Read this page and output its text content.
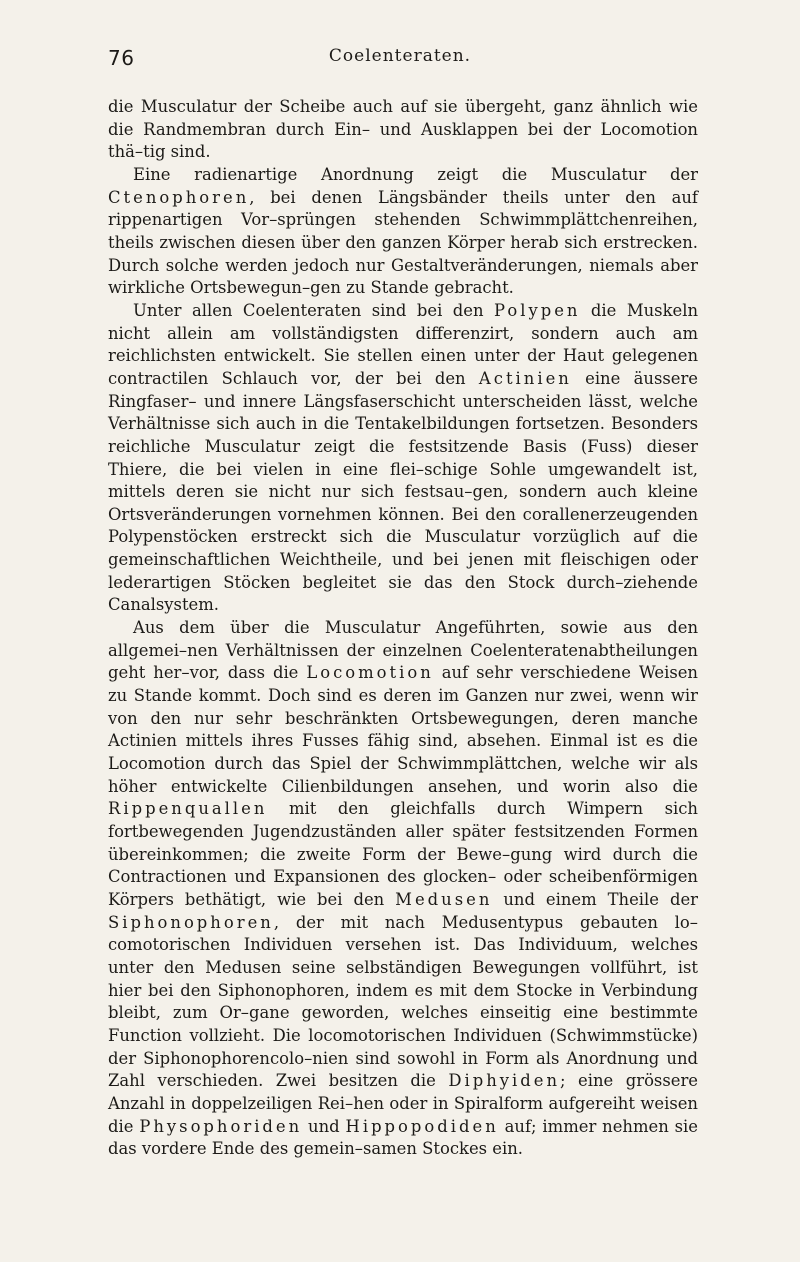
76	Coelenteraten.

die Musculatur der Scheibe auch auf sie übergeht, ganz ähnlich wie die Randmembran durch Ein– und Ausklappen bei der Locomotion thä–tig sind.

Eine radienartige Anordnung zeigt die Musculatur der Ctenophoren, bei denen Längsbänder theils unter den auf rippenartigen Vor–sprüngen stehenden Schwimmplättchenreihen, theils zwischen diesen über den ganzen Körper herab sich erstrecken. Durch solche werden jedoch nur Gestaltveränderungen, niemals aber wirkliche Ortsbewegun–gen zu Stande gebracht.

Unter allen Coelenteraten sind bei den Polypen die Muskeln nicht allein am vollständigsten differenzirt, sondern auch am reichlichsten entwickelt. Sie stellen einen unter der Haut gelegenen contractilen Schlauch vor, der bei den Actinien eine äussere Ringfaser– und innere Längsfaserschicht unterscheiden lässt, welche Verhältnisse sich auch in die Tentakelbildungen fortsetzen. Besonders reichliche Musculatur zeigt die festsitzende Basis (Fuss) dieser Thiere, die bei vielen in eine flei–schige Sohle umgewandelt ist, mittels deren sie nicht nur sich festsau–gen, sondern auch kleine Ortsveränderungen vornehmen können. Bei den corallenerzeugenden Polypenstöcken erstreckt sich die Musculatur vorzüglich auf die gemeinschaftlichen Weichtheile, und bei jenen mit fleischigen oder lederartigen Stöcken begleitet sie das den Stock durch–ziehende Canalsystem.

Aus dem über die Musculatur Angeführten, sowie aus den allgemei–nen Verhältnissen der einzelnen Coelenteratenabtheilungen geht her–vor, dass die Locomotion auf sehr verschiedene Weisen zu Stande kommt. Doch sind es deren im Ganzen nur zwei, wenn wir von den nur sehr beschränkten Ortsbewegungen, deren manche Actinien mittels ihres Fusses fähig sind, absehen. Einmal ist es die Locomotion durch das Spiel der Schwimmplättchen, welche wir als höher entwickelte Cilienbildungen ansehen, und worin also die Rippenquallen mit den gleichfalls durch Wimpern sich fortbewegenden Jugendzuständen aller später festsitzenden Formen übereinkommen; die zweite Form der Bewe–gung wird durch die Contractionen und Expansionen des glocken– oder scheibenförmigen Körpers bethätigt, wie bei den Medusen und einem Theile der Siphonophoren, der mit nach Medusentypus gebauten lo–comotorischen Individuen versehen ist. Das Individuum, welches unter den Medusen seine selbständigen Bewegungen vollführt, ist hier bei den Siphonophoren, indem es mit dem Stocke in Verbindung bleibt, zum Or–gane geworden, welches einseitig eine bestimmte Function vollzieht. Die locomotorischen Individuen (Schwimmstücke) der Siphonophorencolo–nien sind sowohl in Form als Anordnung und Zahl verschieden. Zwei besitzen die Diphyiden; eine grössere Anzahl in doppelzeiligen Rei–hen oder in Spiralform aufgereiht weisen die Physophoriden und Hippopodiden auf; immer nehmen sie das vordere Ende des gemein–samen Stockes ein.
